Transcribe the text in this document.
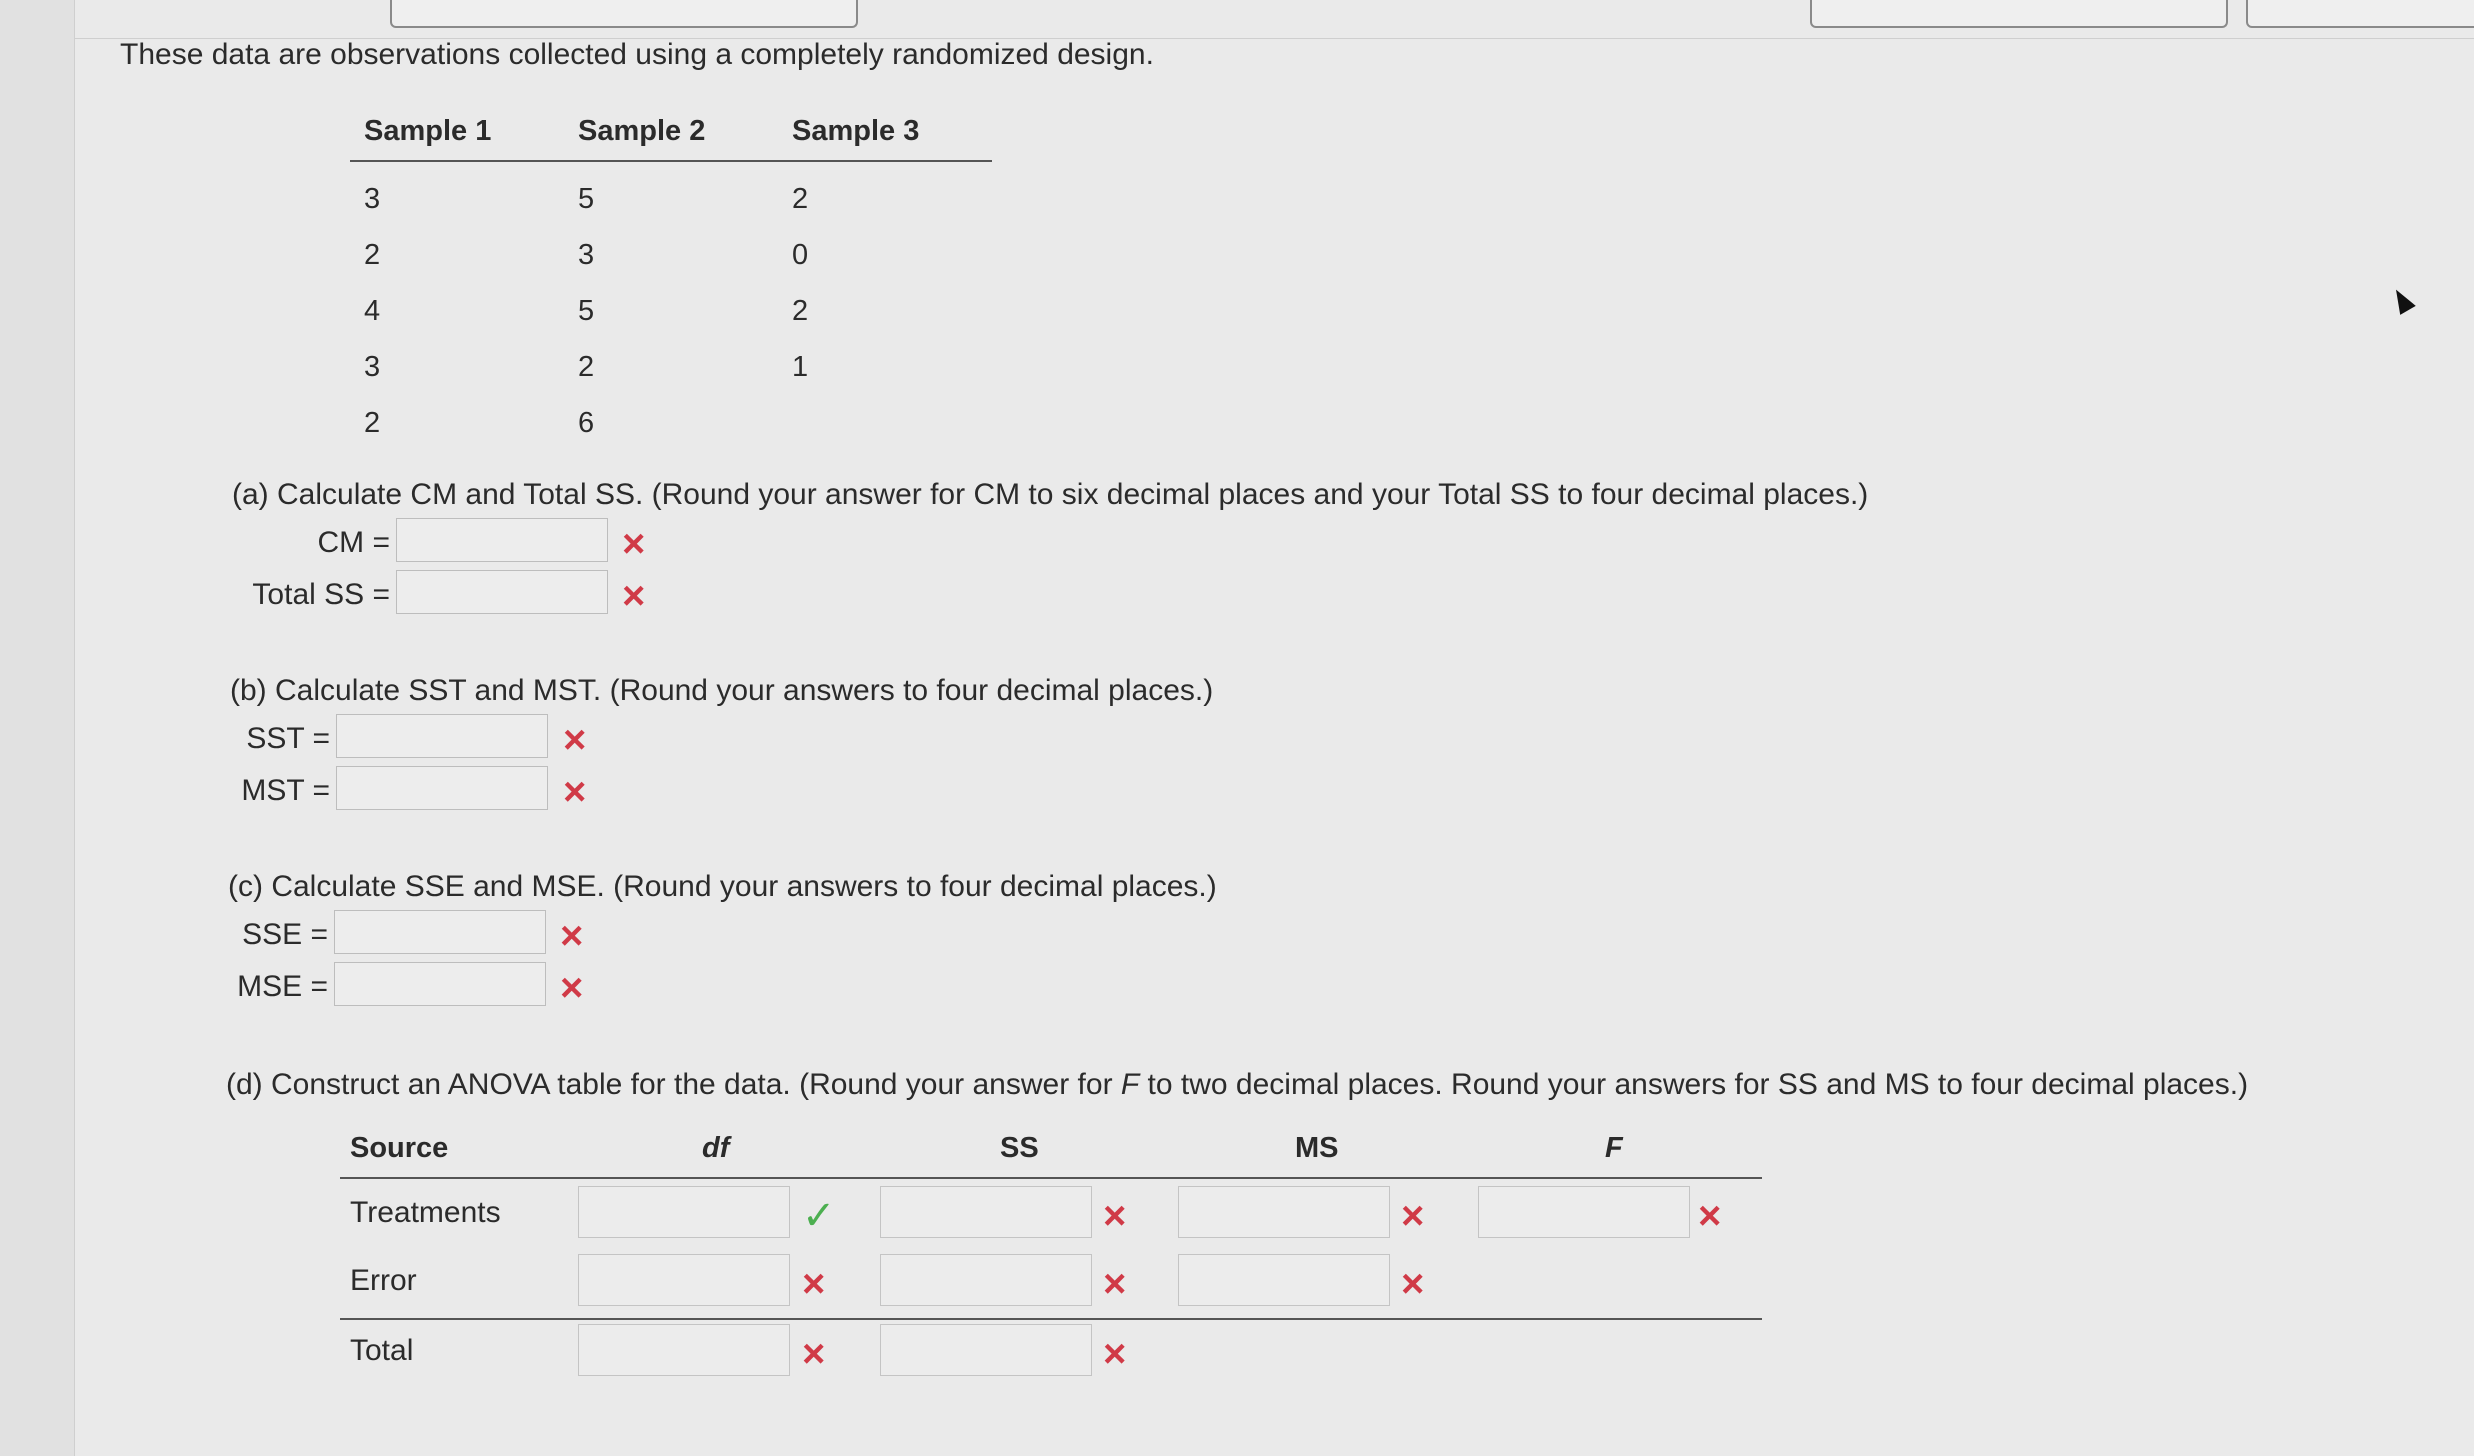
These data are observations collected using a completely randomized design.
Sample 1	Sample 2	Sample 3
3	5	2
2	3	0
4	5	2
3	2	1
2	6	
(a) Calculate CM and Total SS. (Round your answer for CM to six decimal places and your Total SS to four decimal places.)
CM =	×
Total SS =	×
(b) Calculate SST and MST. (Round your answers to four decimal places.)
SST =	×
MST =	×
(c) Calculate SSE and MSE. (Round your answers to four decimal places.)
SSE =	×
MSE =	×
(d) Construct an ANOVA table for the data. (Round your answer for F to two decimal places. Round your answers for SS and MS to four decimal places.)
Source	df	SS	MS	F
Treatments	✓	×	×	×
Error	×	×	×
Total	×	×
